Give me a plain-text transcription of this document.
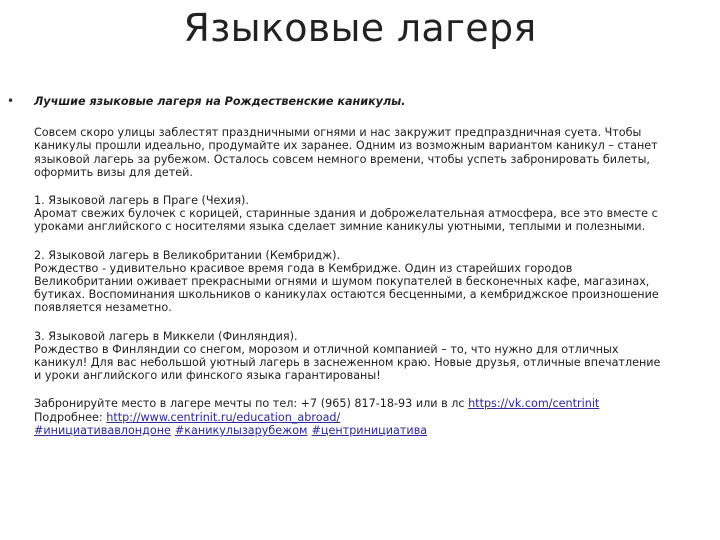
Языковые лагеря
• Лучшие языковые лагеря на Рождественские каникулы.

Совсем скоро улицы заблестят праздничными огнями и нас закружит предпраздничная суета. Чтобы
каникулы прошли идеально, продумайте их заранее. Одним из возможным вариантом каникул – станет
языковой лагерь за рубежом. Осталось совсем немного времени, чтобы успеть забронировать билеты,
оформить визы для детей.

1. Языковой лагерь в Праге (Чехия).
Аромат свежих булочек с корицей, старинные здания и доброжелательная атмосфера, все это вместе с
уроками английского с носителями языка сделает зимние каникулы уютными, теплыми и полезными.

2. Языковой лагерь в Великобритании (Кембридж).
Рождество - удивительно красивое время года в Кембридже. Один из старейших городов
Великобритании оживает прекрасными огнями и шумом покупателей в бесконечных кафе, магазинах,
бутиках. Воспоминания школьников о каникулах остаются бесценными, а кембриджское произношение
появляется незаметно.

3. Языковой лагерь в Миккели (Финляндия).
Рождество в Финляндии со снегом, морозом и отличной компанией – то, что нужно для отличных
каникул! Для вас небольшой уютный лагерь в заснеженном краю. Новые друзья, отличные впечатление
и уроки английского или финского языка гарантированы!

Забронируйте место в лагере мечты по тел: +7 (965) 817-18-93 или в лс https://vk.com/centrinit
Подробнее: http://www.centrinit.ru/education_abroad/
#инициативавлондоне #каникулызарубежом #центринициатива
